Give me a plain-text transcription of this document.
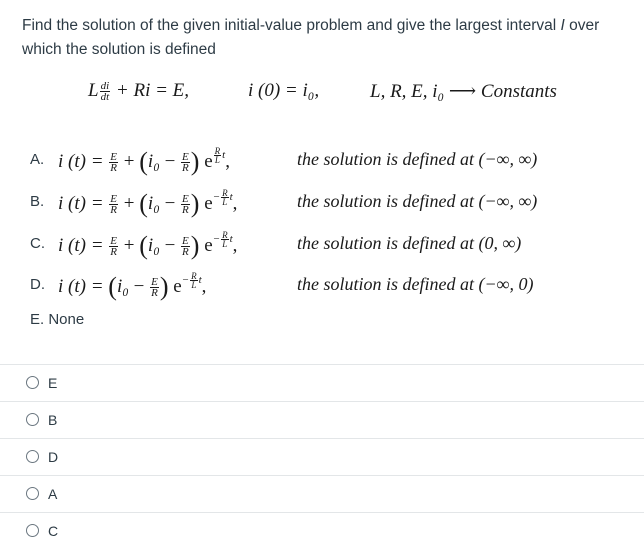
Find the solution of the given initial-value problem and give the largest interval I over
which the solution is defined
L $\frac{di}{dt} + Ri = E$,	i (0) = i₀,	L, R, E, i₀ ⟶ Constants
A. i $(t) = \frac{E}{R} + (i_0 - \frac{E}{R}$ ) e $^{\frac{R}{L} t}$,	the solution is defined at (−∞, ∞)
B. i $(t) = \frac{E}{R} + (i_0 - \frac{E}{R}$ ) $e^{- \frac{R}{L} t}$,	the solution is defined at (−∞, ∞)
C. i $(t) = \frac{E}{R} + (i_0 - \frac{E}{R}$ ) $e^{- \frac{R}{L} t}$,	the solution is defined at (0, ∞)
D. i $(t) = (i_0 - \frac{E}{R}$ ) $e^{- \frac{R}{L} t}$,	the solution is defined at (−∞, 0)
E. None
E
B
D
A
C
